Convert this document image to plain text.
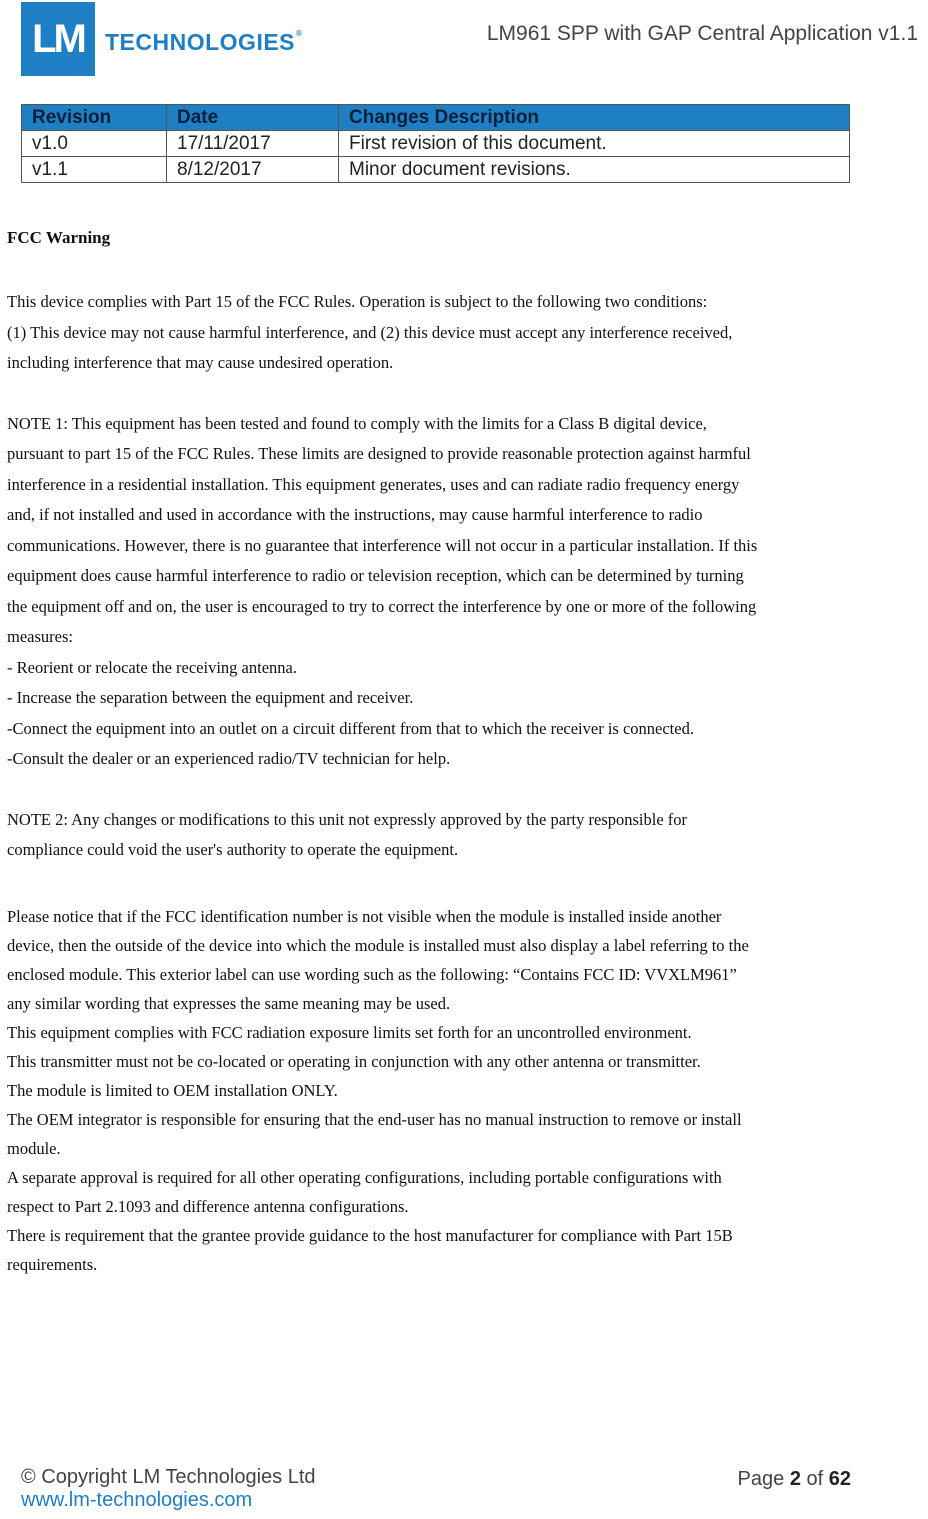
LM TECHNOLOGIES®	LM961 SPP with GAP Central Application v1.1
Revision	Date	Changes Description
v1.0	17/11/2017	First revision of this document.
v1.1	8/12/2017	Minor document revisions.
FCC Warning

This device complies with Part 15 of the FCC Rules. Operation is subject to the following two conditions:

(1) This device may not cause harmful interference, and (2) this device must accept any interference received,

including interference that may cause undesired operation.

NOTE 1: This equipment has been tested and found to comply with the limits for a Class B digital device,

pursuant to part 15 of the FCC Rules. These limits are designed to provide reasonable protection against harmful

interference in a residential installation. This equipment generates, uses and can radiate radio frequency energy

and, if not installed and used in accordance with the instructions, may cause harmful interference to radio

communications. However, there is no guarantee that interference will not occur in a particular installation. If this

equipment does cause harmful interference to radio or television reception, which can be determined by turning

the equipment off and on, the user is encouraged to try to correct the interference by one or more of the following

measures:

- Reorient or relocate the receiving antenna.

- Increase the separation between the equipment and receiver.

-Connect the equipment into an outlet on a circuit different from that to which the receiver is connected.

-Consult the dealer or an experienced radio/TV technician for help.

NOTE 2: Any changes or modifications to this unit not expressly approved by the party responsible for

compliance could void the user's authority to operate the equipment.

Please notice that if the FCC identification number is not visible when the module is installed inside another

device, then the outside of the device into which the module is installed must also display a label referring to the

enclosed module. This exterior label can use wording such as the following: “Contains FCC ID: VVXLM961”

any similar wording that expresses the same meaning may be used.

This equipment complies with FCC radiation exposure limits set forth for an uncontrolled environment.

This transmitter must not be co-located or operating in conjunction with any other antenna or transmitter.

The module is limited to OEM installation ONLY.

The OEM integrator is responsible for ensuring that the end-user has no manual instruction to remove or install

module.

A separate approval is required for all other operating configurations, including portable configurations with

respect to Part 2.1093 and difference antenna configurations.

There is requirement that the grantee provide guidance to the host manufacturer for compliance with Part 15B

requirements.

© Copyright LM Technologies Ltd
www.lm-technologies.com
Page 2 of 62
